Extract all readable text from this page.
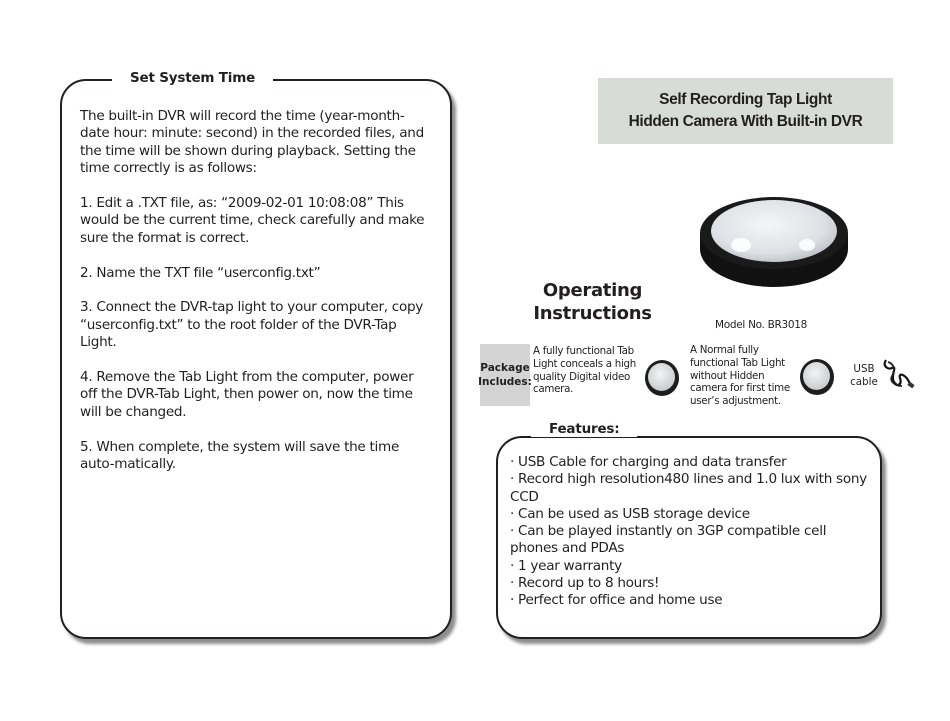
Set System Time

The built-in DVR will record the time (year-month-date hour: minute: second) in the recorded files, and the time will be shown during playback. Setting the time correctly is as follows:

1. Edit a .TXT file, as: “2009-02-01 10:08:08” This would be the current time, check carefully and make sure the format is correct.

2. Name the TXT file “userconfig.txt”

3. Connect the DVR-tap light to your computer, copy “userconfig.txt” to the root folder of the DVR-Tap Light.

4. Remove the Tab Light from the computer, power off the DVR-Tab Light, then power on, now the time will be changed.

5. When complete, the system will save the time auto-matically.

Self Recording Tap Light
Hidden Camera With Built-in DVR
Operating
Instructions
Model No. BR3018
Package
Includes:
A fully functional Tab Light conceals a high quality Digital video camera.
A Normal fully functional Tab Light without Hidden camera for first time user’s adjustment.
USB
cable
Features:
· USB Cable for charging and data transfer
· Record high resolution480 lines and 1.0 lux with sony CCD
· Can be used as USB storage device
· Can be played instantly on 3GP compatible cell phones and PDAs
· 1 year warranty
· Record up to 8 hours!
· Perfect for office and home use
